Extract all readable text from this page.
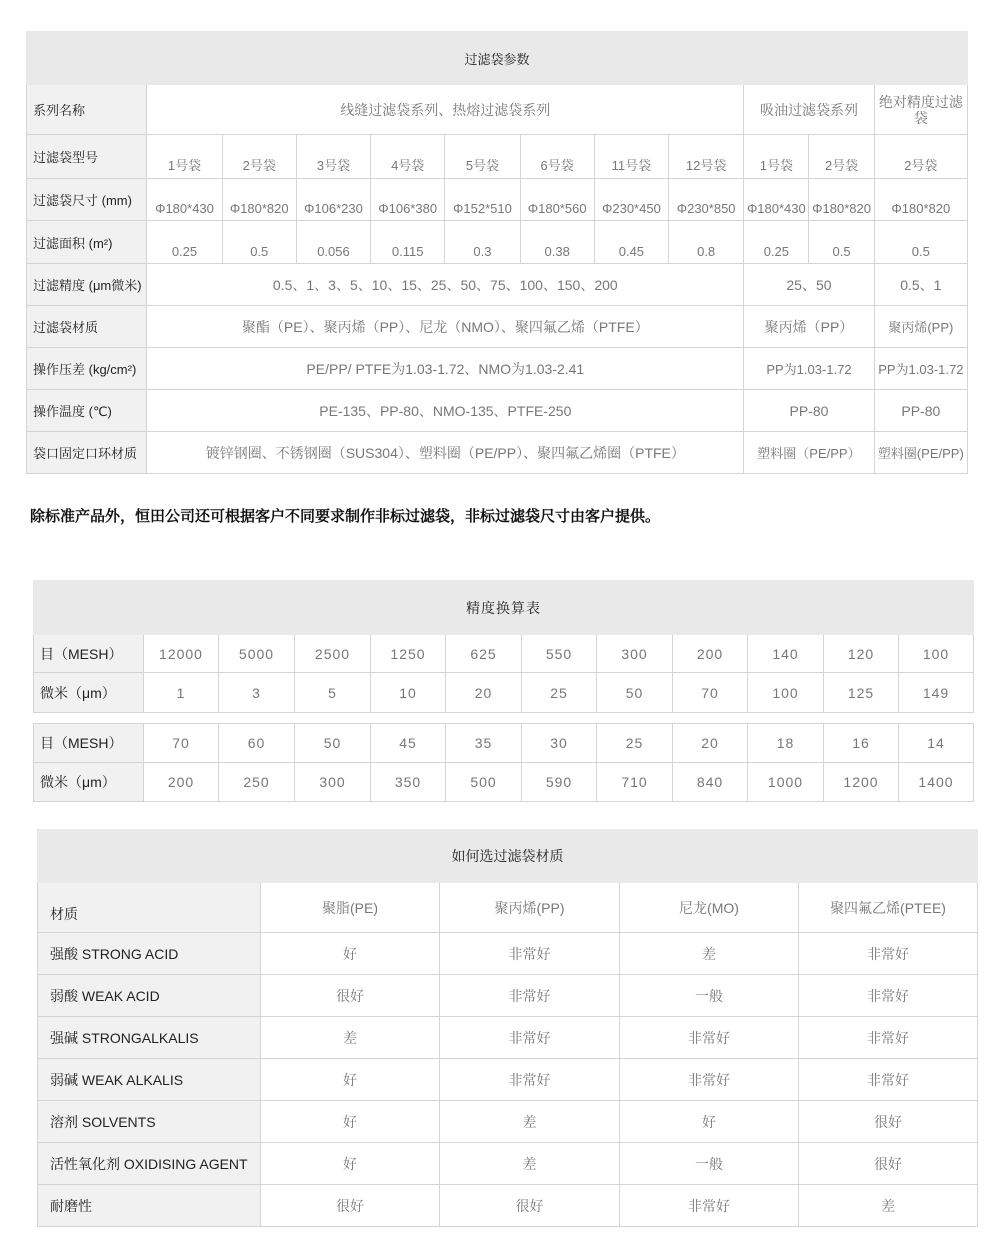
过滤袋参数											
系列名称	线缝过滤袋系列、热熔过滤袋系列								吸油过滤袋系列		绝对精度过滤袋
过滤袋型号	1号袋	2号袋	3号袋	4号袋	5号袋	6号袋	11号袋	12号袋	1号袋	2号袋	2号袋
过滤袋尺寸 (mm)	Φ180*430	Φ180*820	Φ106*230	Φ106*380	Φ152*510	Φ180*560	Φ230*450	Φ230*850	Φ180*430	Φ180*820	Φ180*820
过滤面积 (m²)	0.25	0.5	0.056	0.115	0.3	0.38	0.45	0.8	0.25	0.5	0.5
过滤精度 (μm微米)	0.5、1、3、5、10、15、25、50、75、100、150、200								25、50		0.5、1
过滤袋材质	聚酯（PE）、聚丙烯（PP）、尼龙（NMO）、聚四氟乙烯（PTFE）								聚丙烯（PP）		聚丙烯(PP)
操作压差 (kg/cm²)	PE/PP/ PTFE为1.03-1.72、NMO为1.03-2.41								PP为1.03-1.72		PP为1.03-1.72
操作温度 (℃)	PE-135、PP-80、NMO-135、PTFE-250								PP-80		PP-80
袋口固定口环材质	镀锌钢圈、不锈钢圈（SUS304）、塑料圈（PE/PP）、聚四氟乙烯圈（PTFE）								塑料圈（PE/PP）		塑料圈(PE/PP)
除标准产品外，恒田公司还可根据客户不同要求制作非标过滤袋，非标过滤袋尺寸由客户提供。
精度换算表											
目（MESH）	12000	5000	2500	1250	625	550	300	200	140	120	100
微米（μm）	1	3	5	10	20	25	50	70	100	125	149
目（MESH）	70	60	50	45	35	30	25	20	18	16	14
微米（μm）	200	250	300	350	500	590	710	840	1000	1200	1400
如何选过滤袋材质				
材质	聚脂(PE)	聚丙烯(PP)	尼龙(MO)	聚四氟乙烯(PTEE)
强酸 STRONG ACID	好	非常好	差	非常好
弱酸 WEAK ACID	很好	非常好	一般	非常好
强碱 STRONGALKALIS	差	非常好	非常好	非常好
弱碱 WEAK ALKALIS	好	非常好	非常好	非常好
溶剂 SOLVENTS	好	差	好	很好
活性氧化剂 OXIDISING AGENT	好	差	一般	很好
耐磨性	很好	很好	非常好	差
